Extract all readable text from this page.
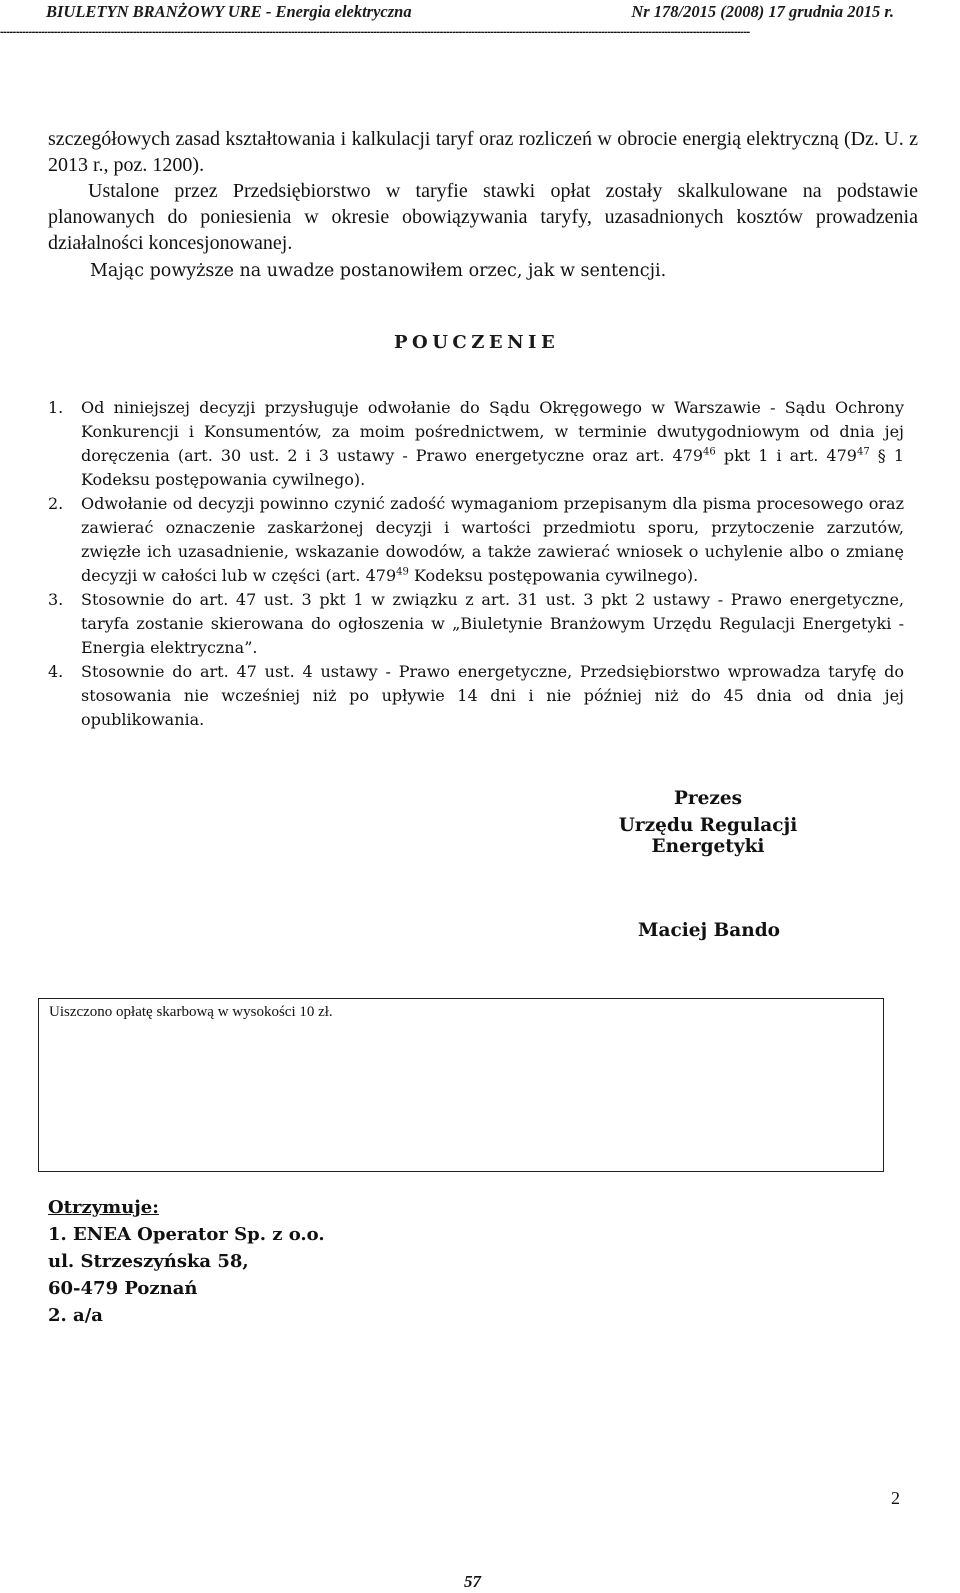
BIULETYN BRANŻOWY URE - Energia elektryczna	Nr 178/2015 (2008) 17 grudnia 2015 r.
---------------------------------------------------------------------------------------------------------------------------------------------------------------------------------------------------------------------------------------------
szczegółowych zasad kształtowania i kalkulacji taryf oraz rozliczeń w obrocie energią elektryczną (Dz. U. z 2013 r., poz. 1200).
Ustalone przez Przedsiębiorstwo w taryfie stawki opłat zostały skalkulowane na podstawie planowanych do poniesienia w okresie obowiązywania taryfy, uzasadnionych kosztów prowadzenia działalności koncesjonowanej.
Mając powyższe na uwadze postanowiłem orzec, jak w sentencji.
POUCZENIE
1. Od niniejszej decyzji przysługuje odwołanie do Sądu Okręgowego w Warszawie - Sądu Ochrony Konkurencji i Konsumentów, za moim pośrednictwem, w terminie dwutygodniowym od dnia jej doręczenia (art. 30 ust. 2 i 3 ustawy - Prawo energetyczne oraz art. $479^{46}$ pkt 1 i art. $479^{47}$ § 1 Kodeksu postępowania cywilnego).
2. Odwołanie od decyzji powinno czynić zadość wymaganiom przepisanym dla pisma procesowego oraz zawierać oznaczenie zaskarżonej decyzji i wartości przedmiotu sporu, przytoczenie zarzutów, zwięzłe ich uzasadnienie, wskazanie dowodów, a także zawierać wniosek o uchylenie albo o zmianę decyzji w całości lub w części (art. $479^{49}$ Kodeksu postępowania cywilnego).
3. Stosownie do art. 47 ust. 3 pkt 1 w związku z art. 31 ust. 3 pkt 2 ustawy - Prawo energetyczne, taryfa zostanie skierowana do ogłoszenia w „Biuletynie Branżowym Urzędu Regulacji Energetyki - Energia elektryczna”.
4. Stosownie do art. 47 ust. 4 ustawy - Prawo energetyczne, Przedsiębiorstwo wprowadza taryfę do stosowania nie wcześniej niż po upływie 14 dni i nie później niż do 45 dnia od dnia jej opublikowania.
Prezes
Urzędu Regulacji Energetyki
Maciej Bando
Uiszczono opłatę skarbową w wysokości 10 zł.
Otrzymuje:
1. ENEA Operator Sp. z o.o.
ul. Strzeszyńska 58,
60-479 Poznań
2. a/a
2
57
